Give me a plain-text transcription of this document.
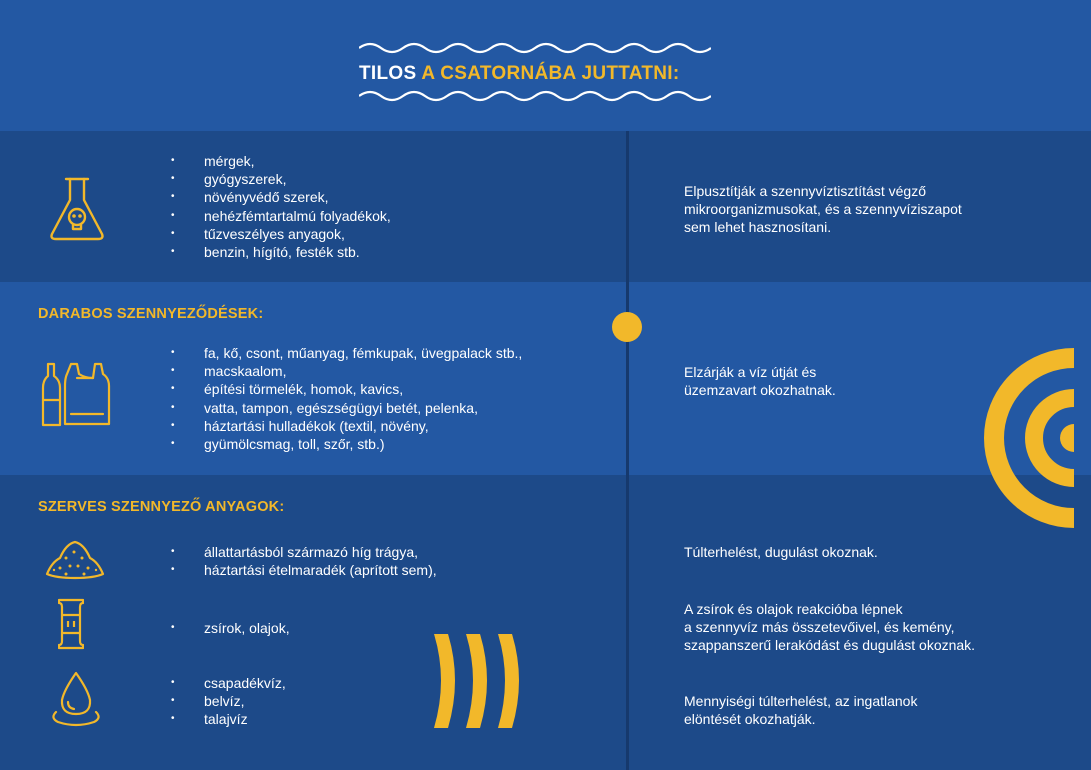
TILOS A CSATORNÁBA JUTTATNI:
• mérgek,
• gyógyszerek,
• növényvédő szerek,
• nehézfémtartalmú folyadékok,
• tűzveszélyes anyagok,
• benzin, hígító, festék stb.
Elpusztítják a szennyvíztisztítást végző
mikroorganizmusokat, és a szennyvíziszapot
sem lehet hasznosítani.
DARABOS SZENNYEZŐDÉSEK:
• fa, kő, csont, műanyag, fémkupak, üvegpalack stb.,
• macskaalom,
• építési törmelék, homok, kavics,
• vatta, tampon, egészségügyi betét, pelenka,
• háztartási hulladékok (textil, növény,
• gyümölcsmag, toll, szőr, stb.)
Elzárják a víz útját és
üzemzavart okozhatnak.
SZERVES SZENNYEZŐ ANYAGOK:
• állattartásból származó híg trágya,
• háztartási ételmaradék (aprított sem),
Túlterhelést, dugulást okoznak.
• zsírok, olajok,
A zsírok és olajok reakcióba lépnek
a szennyvíz más összetevőivel, és kemény,
szappanszerű lerakódást és dugulást okoznak.
• csapadékvíz,
• belvíz,
• talajvíz
Mennyiségi túlterhelést, az ingatlanok
elöntését okozhatják.
